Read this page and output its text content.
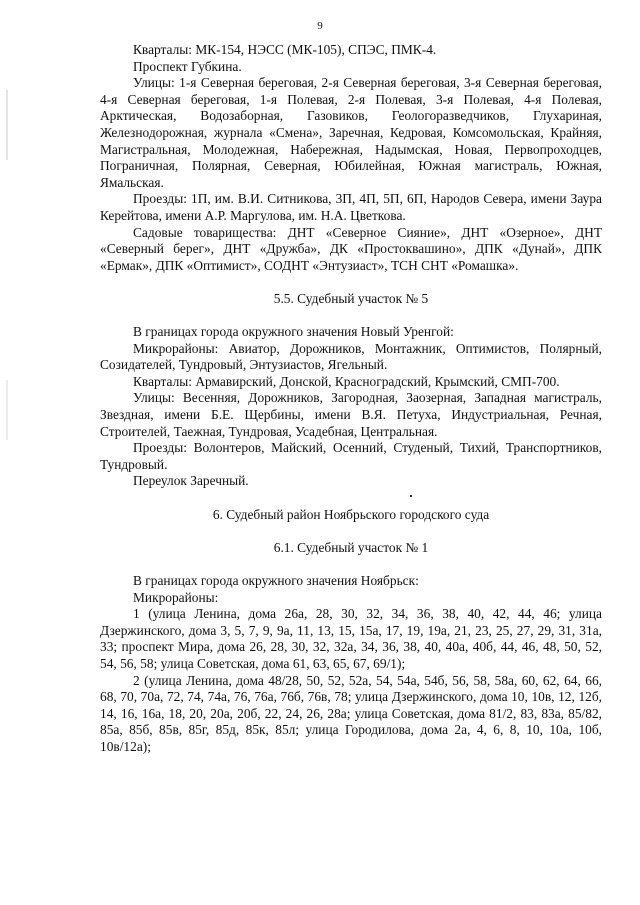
9

Кварталы: МК-154, НЭСС (МК-105), СПЭС, ПМК-4.

Проспект Губкина.

Улицы: 1-я Северная береговая, 2-я Северная береговая, 3-я Северная береговая, 4-я Северная береговая, 1-я Полевая, 2-я Полевая, 3-я Полевая, 4-я Полевая, Арктическая, Водозаборная, Газовиков, Геологоразведчиков, Глухариная, Железнодорожная, журнала «Смена», Заречная, Кедровая, Комсомольская, Крайняя, Магистральная, Молодежная, Набережная, Надымская, Новая, Первопроходцев, Пограничная, Полярная, Северная, Юбилейная, Южная магистраль, Южная, Ямальская.

Проезды: 1П, им. В.И. Ситникова, 3П, 4П, 5П, 6П, Народов Севера, имени Заура Керейтова, имени А.Р. Маргулова, им. Н.А. Цветкова.

Садовые товарищества: ДНТ «Северное Сияние», ДНТ «Озерное», ДНТ «Северный берег», ДНТ «Дружба», ДК «Простоквашино», ДПК «Дунай», ДПК «Ермак», ДПК «Оптимист», СОДНТ «Энтузиаст», ТСН СНТ «Ромашка».

5.5. Судебный участок № 5

В границах города окружного значения Новый Уренгой:

Микрорайоны: Авиатор, Дорожников, Монтажник, Оптимистов, Полярный, Созидателей, Тундровый, Энтузиастов, Ягельный.

Кварталы: Армавирский, Донской, Красноградский, Крымский, СМП-700.

Улицы: Весенняя, Дорожников, Загородная, Заозерная, Западная магистраль, Звездная, имени Б.Е. Щербины, имени В.Я. Петуха, Индустриальная, Речная, Строителей, Таежная, Тундровая, Усадебная, Центральная.

Проезды: Волонтеров, Майский, Осенний, Студеный, Тихий, Транспортников, Тундровый.

Переулок Заречный.

6. Судебный район Ноябрьского городского суда

6.1. Судебный участок № 1

В границах города окружного значения Ноябрьск:

Микрорайоны:

1 (улица Ленина, дома 26а, 28, 30, 32, 34, 36, 38, 40, 42, 44, 46; улица Дзержинского, дома 3, 5, 7, 9, 9а, 11, 13, 15, 15а, 17, 19, 19а, 21, 23, 25, 27, 29, 31, 31а, 33; проспект Мира, дома 26, 28, 30, 32, 32а, 34, 36, 38, 40, 40а, 40б, 44, 46, 48, 50, 52, 54, 56, 58; улица Советская, дома 61, 63, 65, 67, 69/1);

2 (улица Ленина, дома 48/28, 50, 52, 52а, 54, 54а, 54б, 56, 58, 58а, 60, 62, 64, 66, 68, 70, 70а, 72, 74, 74а, 76, 76а, 76б, 76в, 78; улица Дзержинского, дома 10, 10в, 12, 12б, 14, 16, 16а, 18, 20, 20а, 20б, 22, 24, 26, 28а; улица Советская, дома 81/2, 83, 83а, 85/82, 85а, 85б, 85в, 85г, 85д, 85к, 85л; улица Городилова, дома 2а, 4, 6, 8, 10, 10а, 10б, 10в/12а);
